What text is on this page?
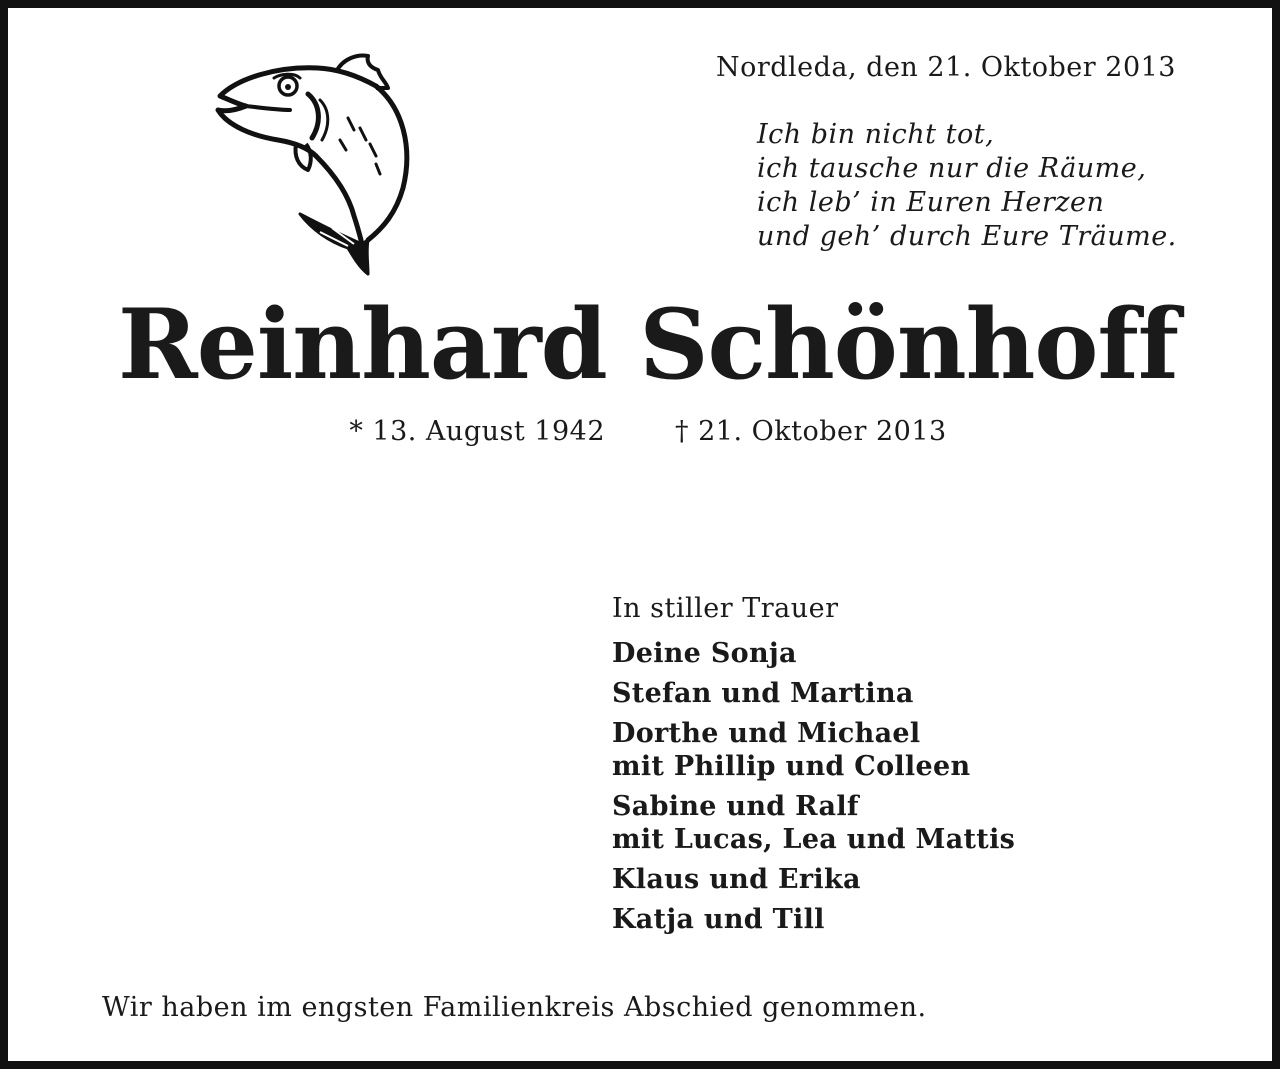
Nordleda, den 21. Oktober 2013
Ich bin nicht tot,
ich tausche nur die Räume,
ich leb’ in Euren Herzen
und geh’ durch Eure Träume.
Reinhard Schönhoff
* 13. August 1942	† 21. Oktober 2013
In stiller Trauer
Deine Sonja
Stefan und Martina
Dorthe und Michael
mit Phillip und Colleen
Sabine und Ralf
mit Lucas, Lea und Mattis
Klaus und Erika
Katja und Till
Wir haben im engsten Familienkreis Abschied genommen.
